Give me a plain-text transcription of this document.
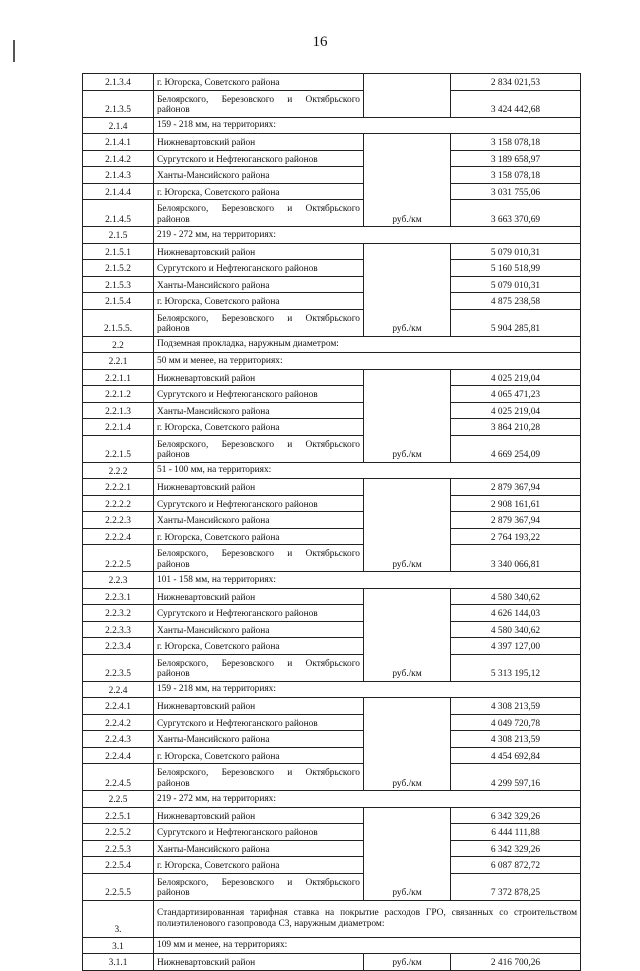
16
2.1.3.4	г. Югорска, Советского района		2 834 021,53
2.1.3.5	Белоярского, Березовского и Октябрьского районов		3 424 442,68
2.1.4	159 - 218 мм, на территориях:		
2.1.4.1	Нижневартовский район	руб./км	3 158 078,18
2.1.4.2	Сургутского и Нефтеюганского районов		3 189 658,97
2.1.4.3	Ханты-Мансийского района		3 158 078,18
2.1.4.4	г. Югорска, Советского района		3 031 755,06
2.1.4.5	Белоярского, Березовского и Октябрьского районов		3 663 370,69
2.1.5	219 - 272 мм, на территориях:		
2.1.5.1	Нижневартовский район	руб./км	5 079 010,31
2.1.5.2	Сургутского и Нефтеюганского районов		5 160 518,99
2.1.5.3	Ханты-Мансийского района		5 079 010,31
2.1.5.4	г. Югорска, Советского района		4 875 238,58
2.1.5.5.	Белоярского, Березовского и Октябрьского районов		5 904 285,81
2.2	Подземная прокладка, наружным диаметром:		
2.2.1	50 мм и менее, на территориях:		
2.2.1.1	Нижневартовский район	руб./км	4 025 219,04
2.2.1.2	Сургутского и Нефтеюганского районов		4 065 471,23
2.2.1.3	Ханты-Мансийского района		4 025 219,04
2.2.1.4	г. Югорска, Советского района		3 864 210,28
2.2.1.5	Белоярского, Березовского и Октябрьского районов		4 669 254,09
2.2.2	51 - 100 мм, на территориях:		
2.2.2.1	Нижневартовский район	руб./км	2 879 367,94
2.2.2.2	Сургутского и Нефтеюганского районов		2 908 161,61
2.2.2.3	Ханты-Мансийского района		2 879 367,94
2.2.2.4	г. Югорска, Советского района		2 764 193,22
2.2.2.5	Белоярского, Березовского и Октябрьского районов		3 340 066,81
2.2.3	101 - 158 мм, на территориях:		
2.2.3.1	Нижневартовский район	руб./км	4 580 340,62
2.2.3.2	Сургутского и Нефтеюганского районов		4 626 144,03
2.2.3.3	Ханты-Мансийского района		4 580 340,62
2.2.3.4	г. Югорска, Советского района		4 397 127,00
2.2.3.5	Белоярского, Березовского и Октябрьского районов		5 313 195,12
2.2.4	159 - 218 мм, на территориях:		
2.2.4.1	Нижневартовский район	руб./км	4 308 213,59
2.2.4.2	Сургутского и Нефтеюганского районов		4 049 720,78
2.2.4.3	Ханты-Мансийского района		4 308 213,59
2.2.4.4	г. Югорска, Советского района		4 454 692,84
2.2.4.5	Белоярского, Березовского и Октябрьского районов		4 299 597,16
2.2.5	219 - 272 мм, на территориях:		
2.2.5.1	Нижневартовский район	руб./км	6 342 329,26
2.2.5.2	Сургутского и Нефтеюганского районов		6 444 111,88
2.2.5.3	Ханты-Мансийского района		6 342 329,26
2.2.5.4	г. Югорска, Советского района		6 087 872,72
2.2.5.5	Белоярского, Березовского и Октябрьского районов		7 372 878,25
3.	Стандартизированная тарифная ставка на покрытие расходов ГРО, связанных со строительством полиэтиленового газопровода С3, наружным диаметром:		
3.1	109 мм и менее, на территориях:		
3.1.1	Нижневартовский район	руб./км	2 416 700,26
